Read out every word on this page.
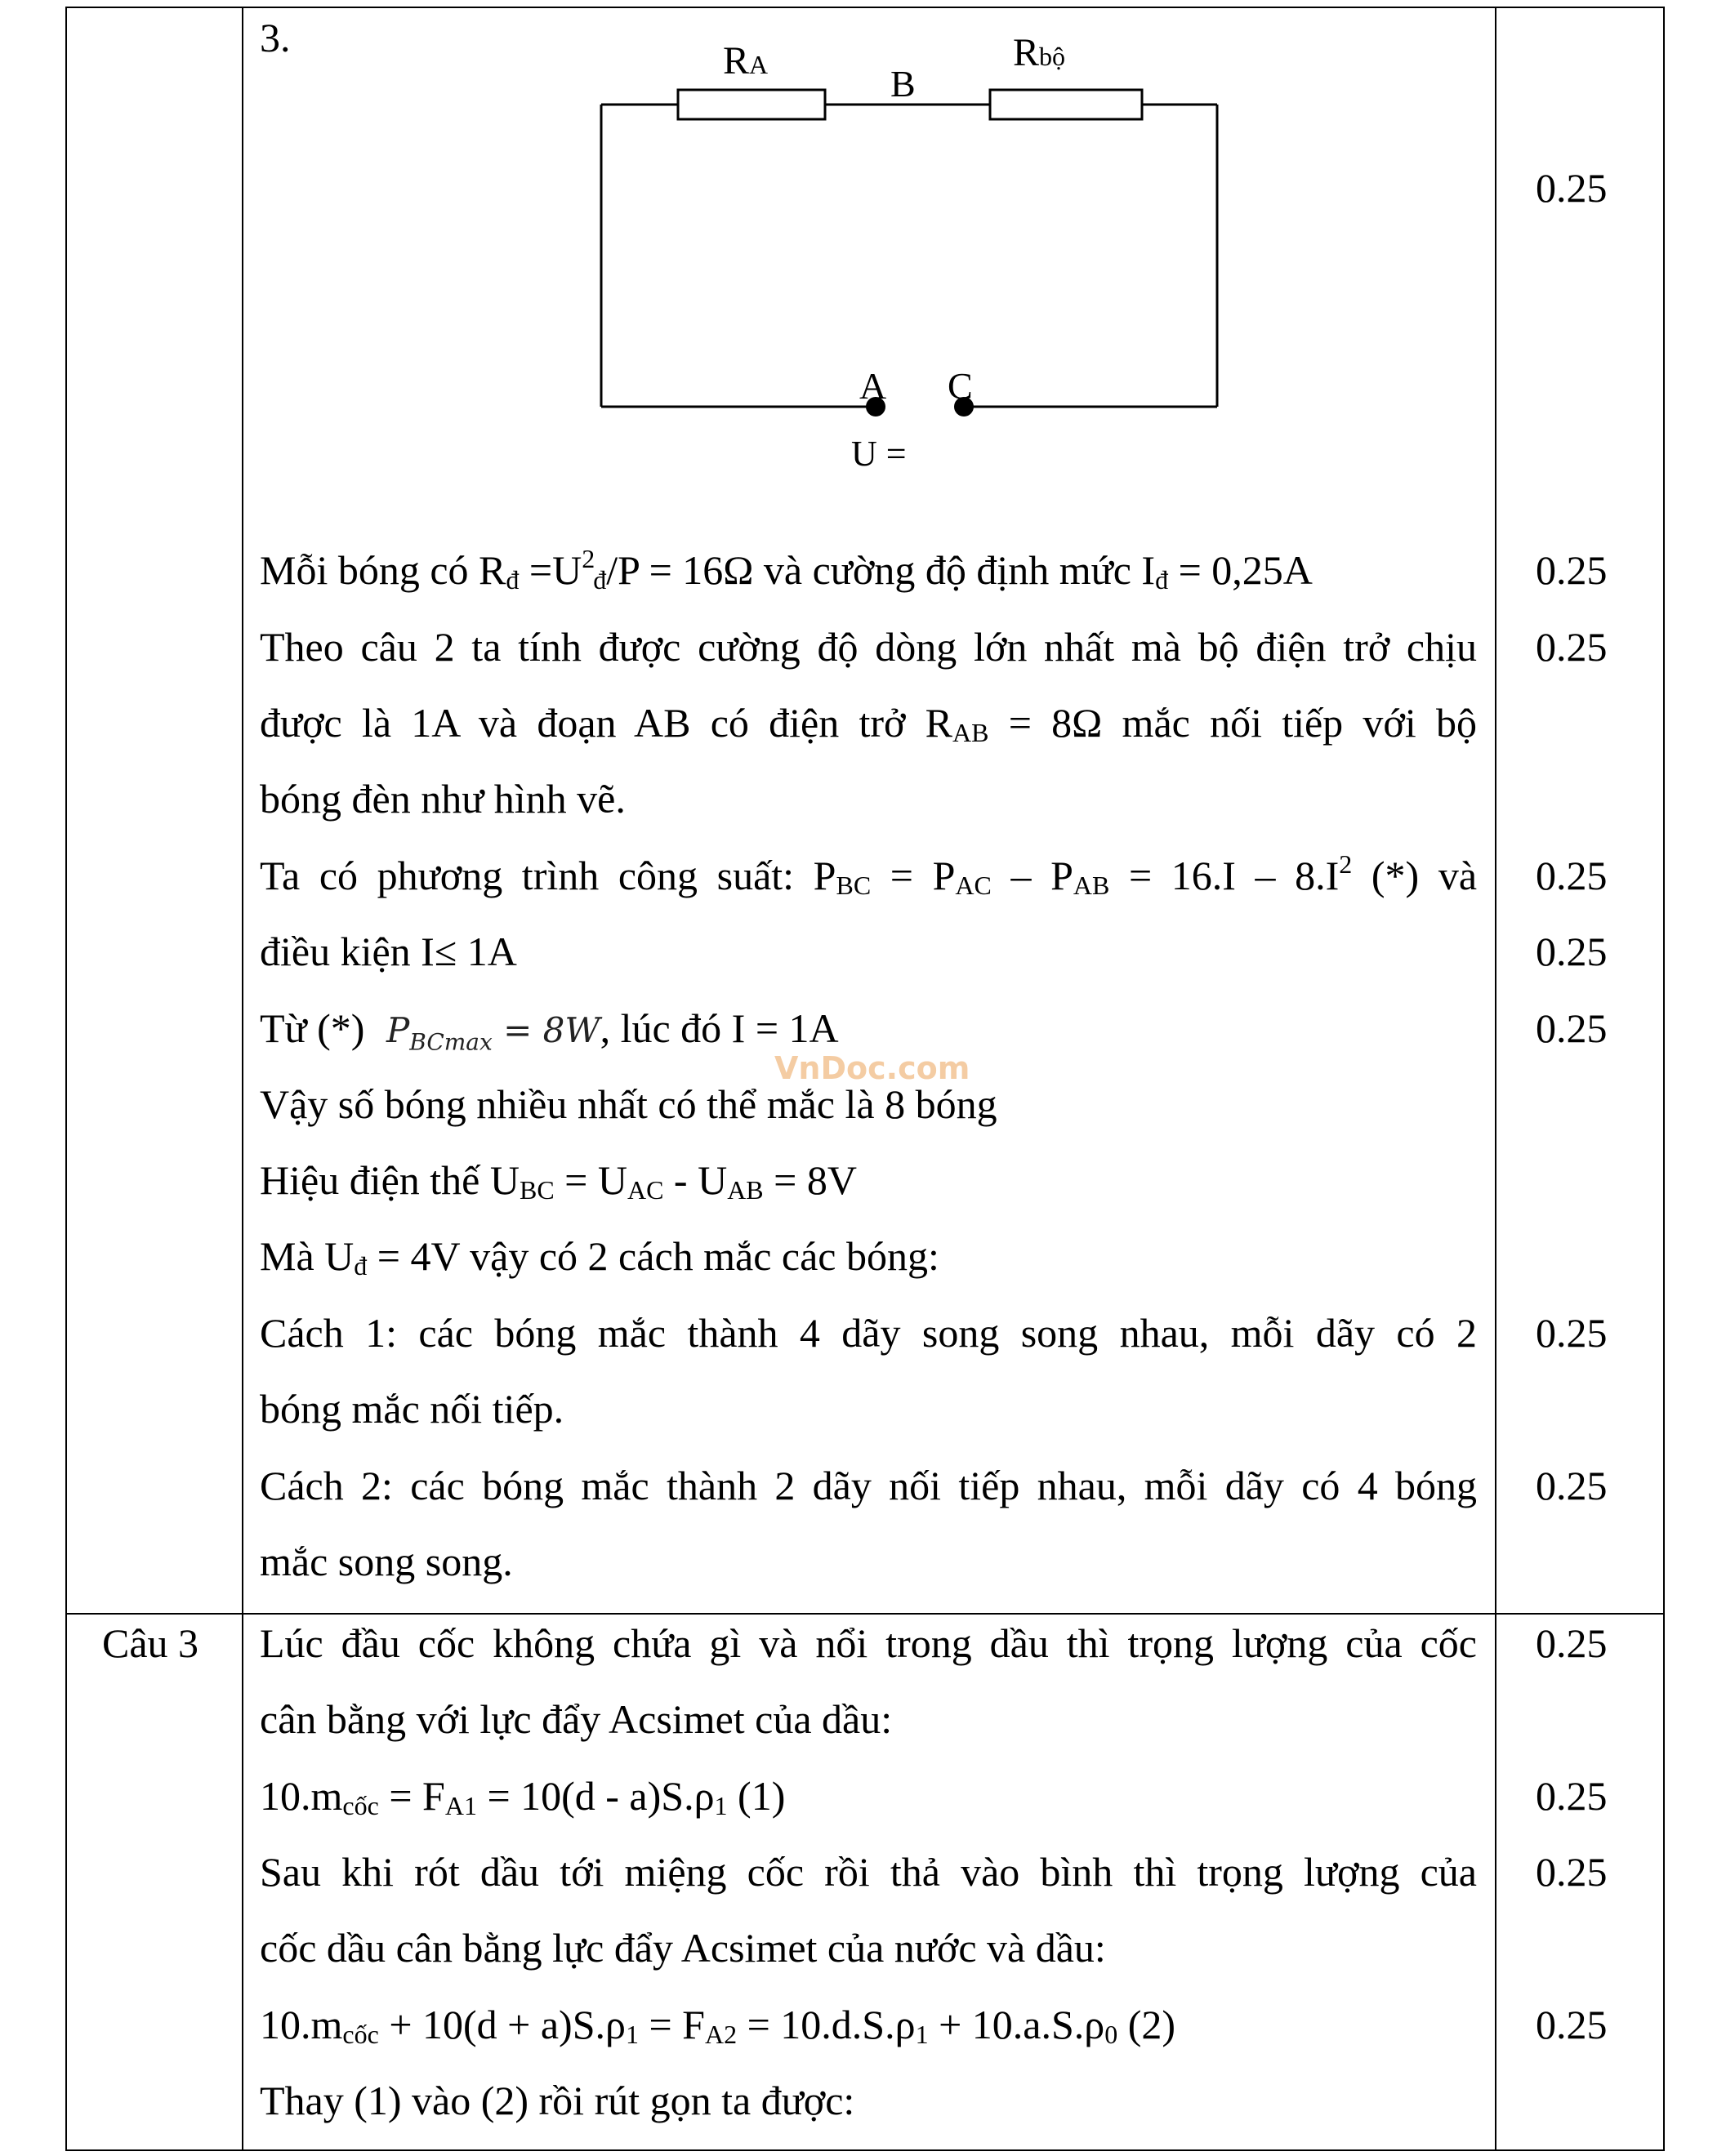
Câu 3
3.
RA	Rbộ
B
A C
U =
Mỗi bóng có $R_đ =U^2_đ/P = 16\Omega$ và cường độ định mức $I_đ = 0,25A$
Theo câu 2 ta tính được cường độ dòng lớn nhất mà bộ điện trở chịu
được là 1A và đoạn AB có điện trở $R_{AB} = 8\Omega$ mắc nối tiếp với bộ
bóng đèn như hình vẽ.
Ta có phương trình công suất: $P_{BC} = P_{AC} - P_{AB} = 16.I - 8.I^2$ (*) và
điều kiện I≤ 1A
Từ (*) $P_{BCmax} = 8W$, lúc đó I = 1A
VnDoc.com
Vậy số bóng nhiều nhất có thể mắc là 8 bóng
Hiệu điện thế $U_{BC} = U_{AC} - U_{AB} = 8V$
Mà $U_đ = 4V$ vậy có 2 cách mắc các bóng:
Cách 1: các bóng mắc thành 4 dãy song song nhau, mỗi dãy có 2
bóng mắc nối tiếp.
Cách 2: các bóng mắc thành 2 dãy nối tiếp nhau, mỗi dãy có 4 bóng
mắc song song.
Lúc đầu cốc không chứa gì và nổi trong dầu thì trọng lượng của cốc
cân bằng với lực đẩy Acsimet của dầu:
$10.m_{cốc} = F_{A1} = 10(d - a)S.\rho_1$ (1)
Sau khi rót dầu tới miệng cốc rồi thả vào bình thì trọng lượng của
cốc dầu cân bằng lực đẩy Acsimet của nước và dầu:
$10.m_{cốc} + 10(d + a)S.\rho_1 = F_{A2} = 10.d.S.\rho_1 + 10.a.S.\rho_0$ (2)
Thay (1) vào (2) rồi rút gọn ta được:
0.25
0.25
0.25
0.25
0.25
0.25
0.25
0.25
0.25
0.25
0.25
0.25
